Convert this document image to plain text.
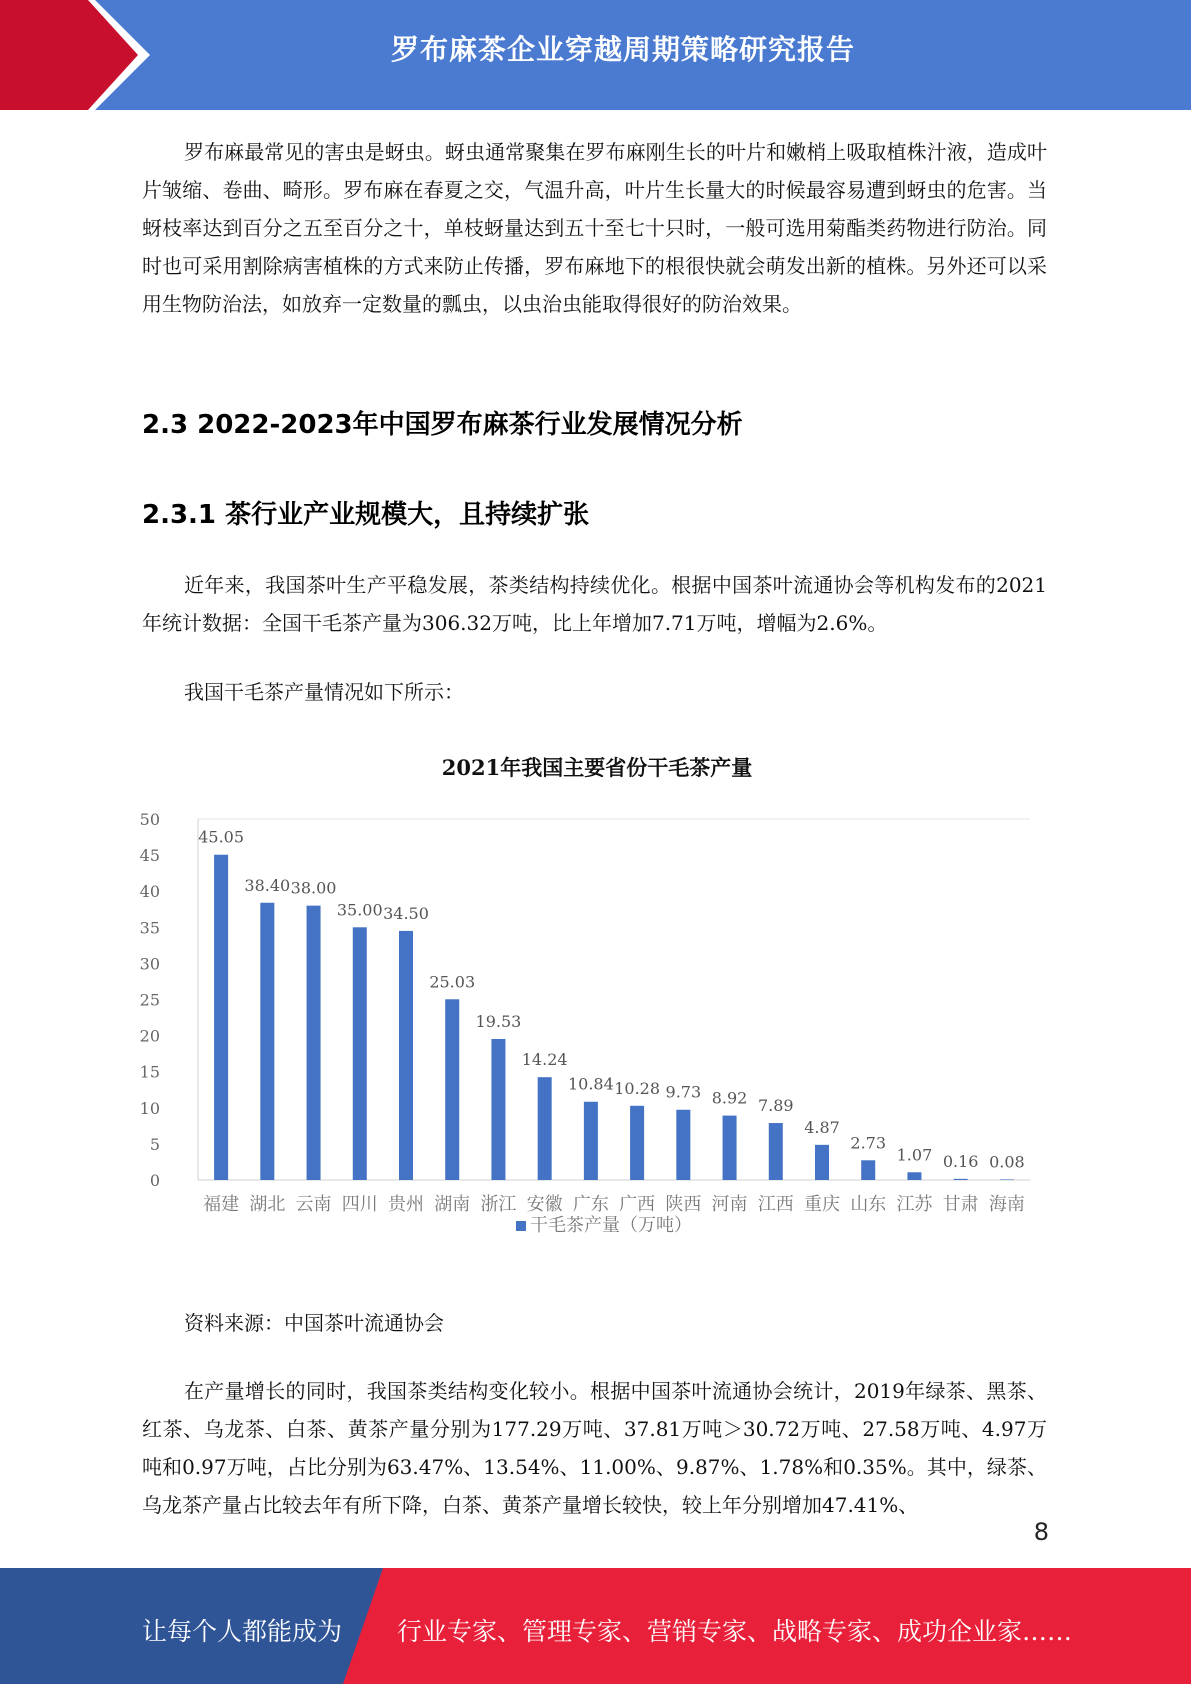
罗布麻茶企业穿越周期策略研究报告

罗布麻最常见的害虫是蚜虫。蚜虫通常聚集在罗布麻刚生长的叶片和嫩梢上吸取植株汁液，造成叶片皱缩、卷曲、畸形。罗布麻在春夏之交，气温升高，叶片生长量大的时候最容易遭到蚜虫的危害。当蚜枝率达到百分之五至百分之十，单枝蚜量达到五十至七十只时，一般可选用菊酯类药物进行防治。同时也可采用割除病害植株的方式来防止传播，罗布麻地下的根很快就会萌发出新的植株。另外还可以采用生物防治法，如放弃一定数量的瓢虫，以虫治虫能取得很好的防治效果。

2.3 2022-2023年中国罗布麻茶行业发展情况分析
2.3.1 茶行业产业规模大，且持续扩张

近年来，我国茶叶生产平稳发展，茶类结构持续优化。根据中国茶叶流通协会等机构发布的2021年统计数据：全国干毛茶产量为306.32万吨，比上年增加7.71万吨，增幅为2.6%。

我国干毛茶产量情况如下所示：

2021年我国主要省份干毛茶产量
0
5
10
15
20
25
30
35
40
45
50
45.05
38.40 38.00
35.00 34.50
25.03
19.53
14.24
10.84 10.28 9.73 8.92 7.89
4.87
2.73
1.07 0.16 0.08
福建 湖北 云南 四川 贵州 湖南 浙江 安徽 广东 广西 陕西 河南 江西 重庆 山东 江苏 甘肃 海南
干毛茶产量（万吨）

资料来源：中国茶叶流通协会

在产量增长的同时，我国茶类结构变化较小。根据中国茶叶流通协会统计，2019年绿茶、黑茶、红茶、乌龙茶、白茶、黄茶产量分别为177.29万吨、37.81万吨＞30.72万吨、27.58万吨、4.97万吨和0.97万吨，占比分别为63.47%、13.54%、11.00%、9.87%、1.78%和0.35%。其中，绿茶、乌龙茶产量占比较去年有所下降，白茶、黄茶产量增长较快，较上年分别增加47.41%、

8
让每个人都能成为 行业专家、管理专家、营销专家、战略专家、成功企业家……
